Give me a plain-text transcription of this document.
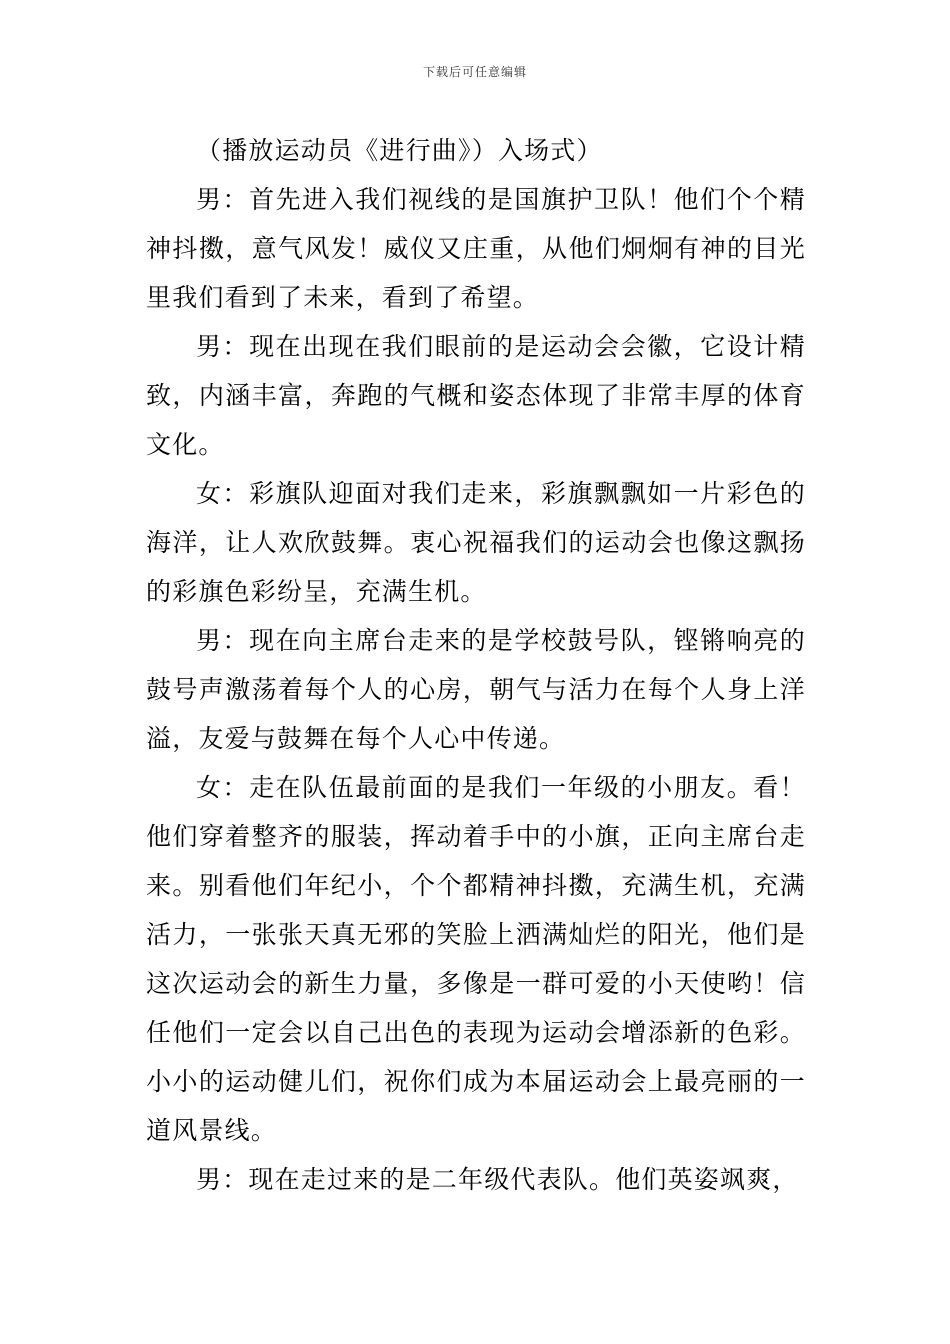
下载后可任意编辑

（播放运动员《进行曲》）入场式）

男：首先进入我们视线的是国旗护卫队！他们个个精神抖擞，意气风发！威仪又庄重，从他们炯炯有神的目光里我们看到了未来，看到了希望。

男：现在出现在我们眼前的是运动会会徽，它设计精致，内涵丰富，奔跑的气概和姿态体现了非常丰厚的体育文化。

女：彩旗队迎面对我们走来，彩旗飘飘如一片彩色的海洋，让人欢欣鼓舞。衷心祝福我们的运动会也像这飘扬的彩旗色彩纷呈，充满生机。

男：现在向主席台走来的是学校鼓号队，铿锵响亮的鼓号声激荡着每个人的心房，朝气与活力在每个人身上洋溢，友爱与鼓舞在每个人心中传递。

女：走在队伍最前面的是我们一年级的小朋友。看！他们穿着整齐的服装，挥动着手中的小旗，正向主席台走来。别看他们年纪小，个个都精神抖擞，充满生机，充满活力，一张张天真无邪的笑脸上洒满灿烂的阳光，他们是这次运动会的新生力量，多像是一群可爱的小天使哟！信任他们一定会以自己出色的表现为运动会增添新的色彩。小小的运动健儿们，祝你们成为本届运动会上最亮丽的一道风景线。

男：现在走过来的是二年级代表队。他们英姿飒爽，
